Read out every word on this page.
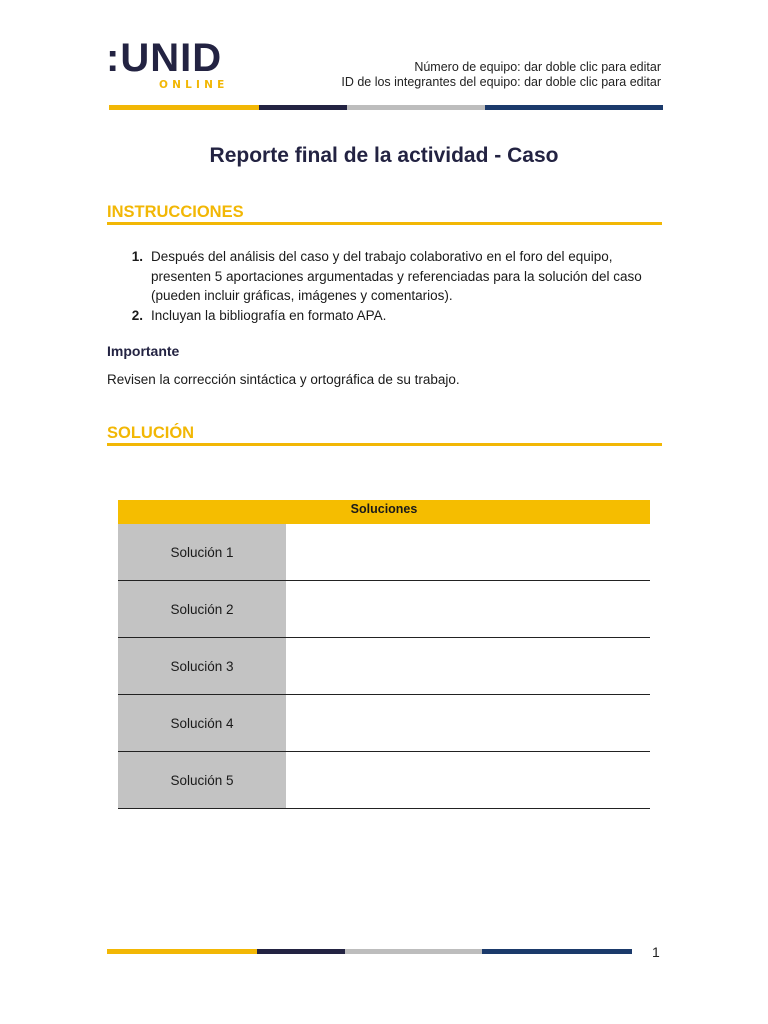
:UNID
ONLINE
Número de equipo: dar doble clic para editar
ID de los integrantes del equipo: dar doble clic para editar
Reporte final de la actividad - Caso
INSTRUCCIONES
1. Después del análisis del caso y del trabajo colaborativo en el foro del equipo, presenten 5 aportaciones argumentadas y referenciadas para la solución del caso (pueden incluir gráficas, imágenes y comentarios).
2. Incluyan la bibliografía en formato APA.
Importante
Revisen la corrección sintáctica y ortográfica de su trabajo.
SOLUCIÓN
Soluciones
Solución 1
Solución 2
Solución 3
Solución 4
Solución 5
1
